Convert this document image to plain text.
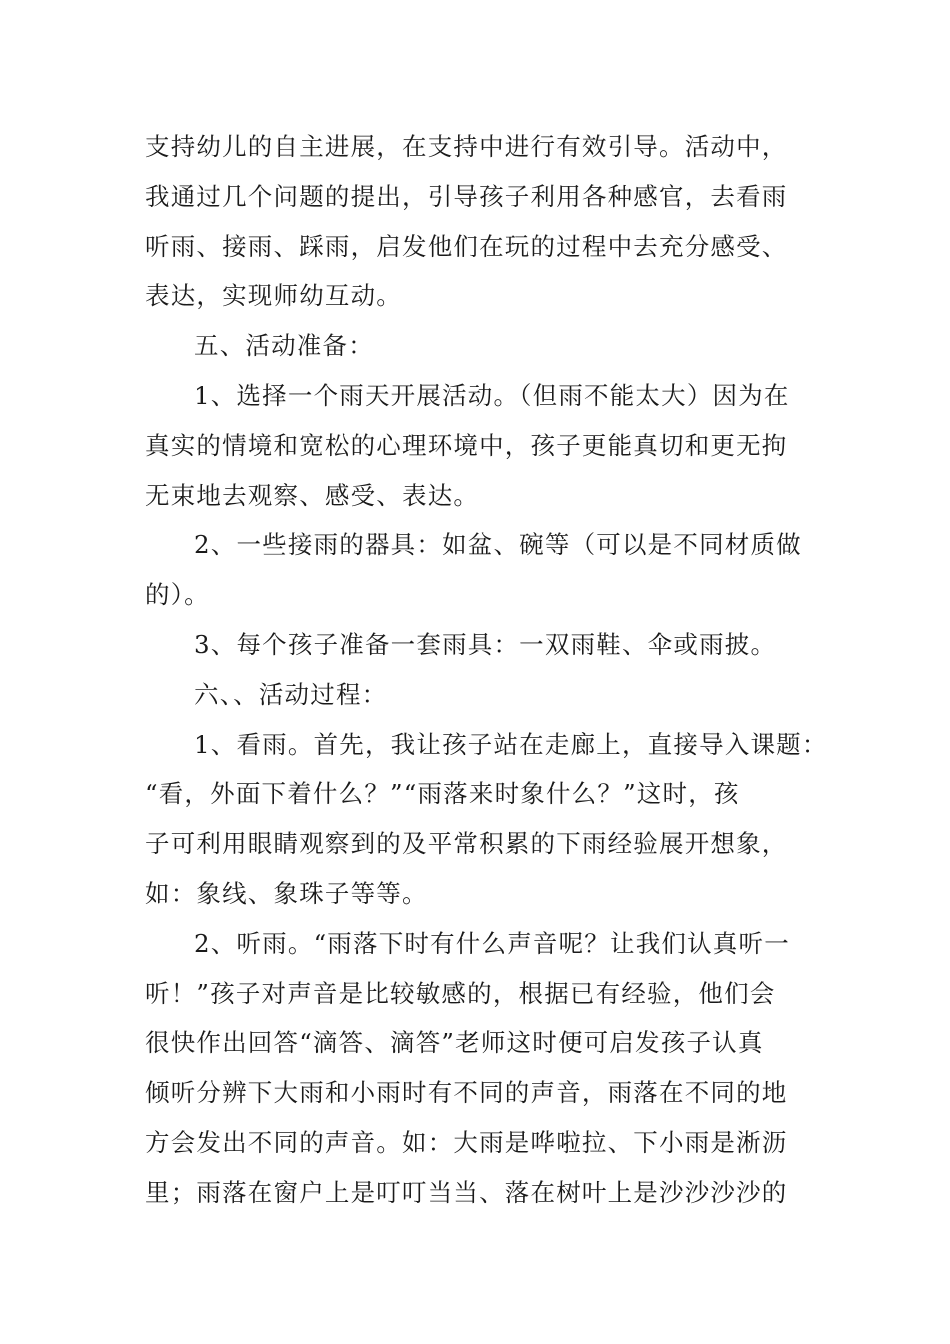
支持幼儿的自主进展，在支持中进行有效引导。活动中，
我通过几个问题的提出，引导孩子利用各种感官，去看雨
听雨、接雨、踩雨，启发他们在玩的过程中去充分感受、
表达，实现师幼互动。
五、活动准备：
1、选择一个雨天开展活动。（但雨不能太大）因为在
真实的情境和宽松的心理环境中，孩子更能真切和更无拘
无束地去观察、感受、表达。
2、一些接雨的器具：如盆、碗等（可以是不同材质做
的）。
3、每个孩子准备一套雨具：一双雨鞋、伞或雨披。
六、、活动过程：
1、看雨。首先，我让孩子站在走廊上，直接导入课题：
“看，外面下着什么？”“雨落来时象什么？”这时，孩
子可利用眼睛观察到的及平常积累的下雨经验展开想象，
如：象线、象珠子等等。
2、听雨。“雨落下时有什么声音呢？让我们认真听一
听！”孩子对声音是比较敏感的，根据已有经验，他们会
很快作出回答“滴答、滴答”老师这时便可启发孩子认真
倾听分辨下大雨和小雨时有不同的声音，雨落在不同的地
方会发出不同的声音。如：大雨是哗啦拉、下小雨是淅沥
里；雨落在窗户上是叮叮当当、落在树叶上是沙沙沙沙的
